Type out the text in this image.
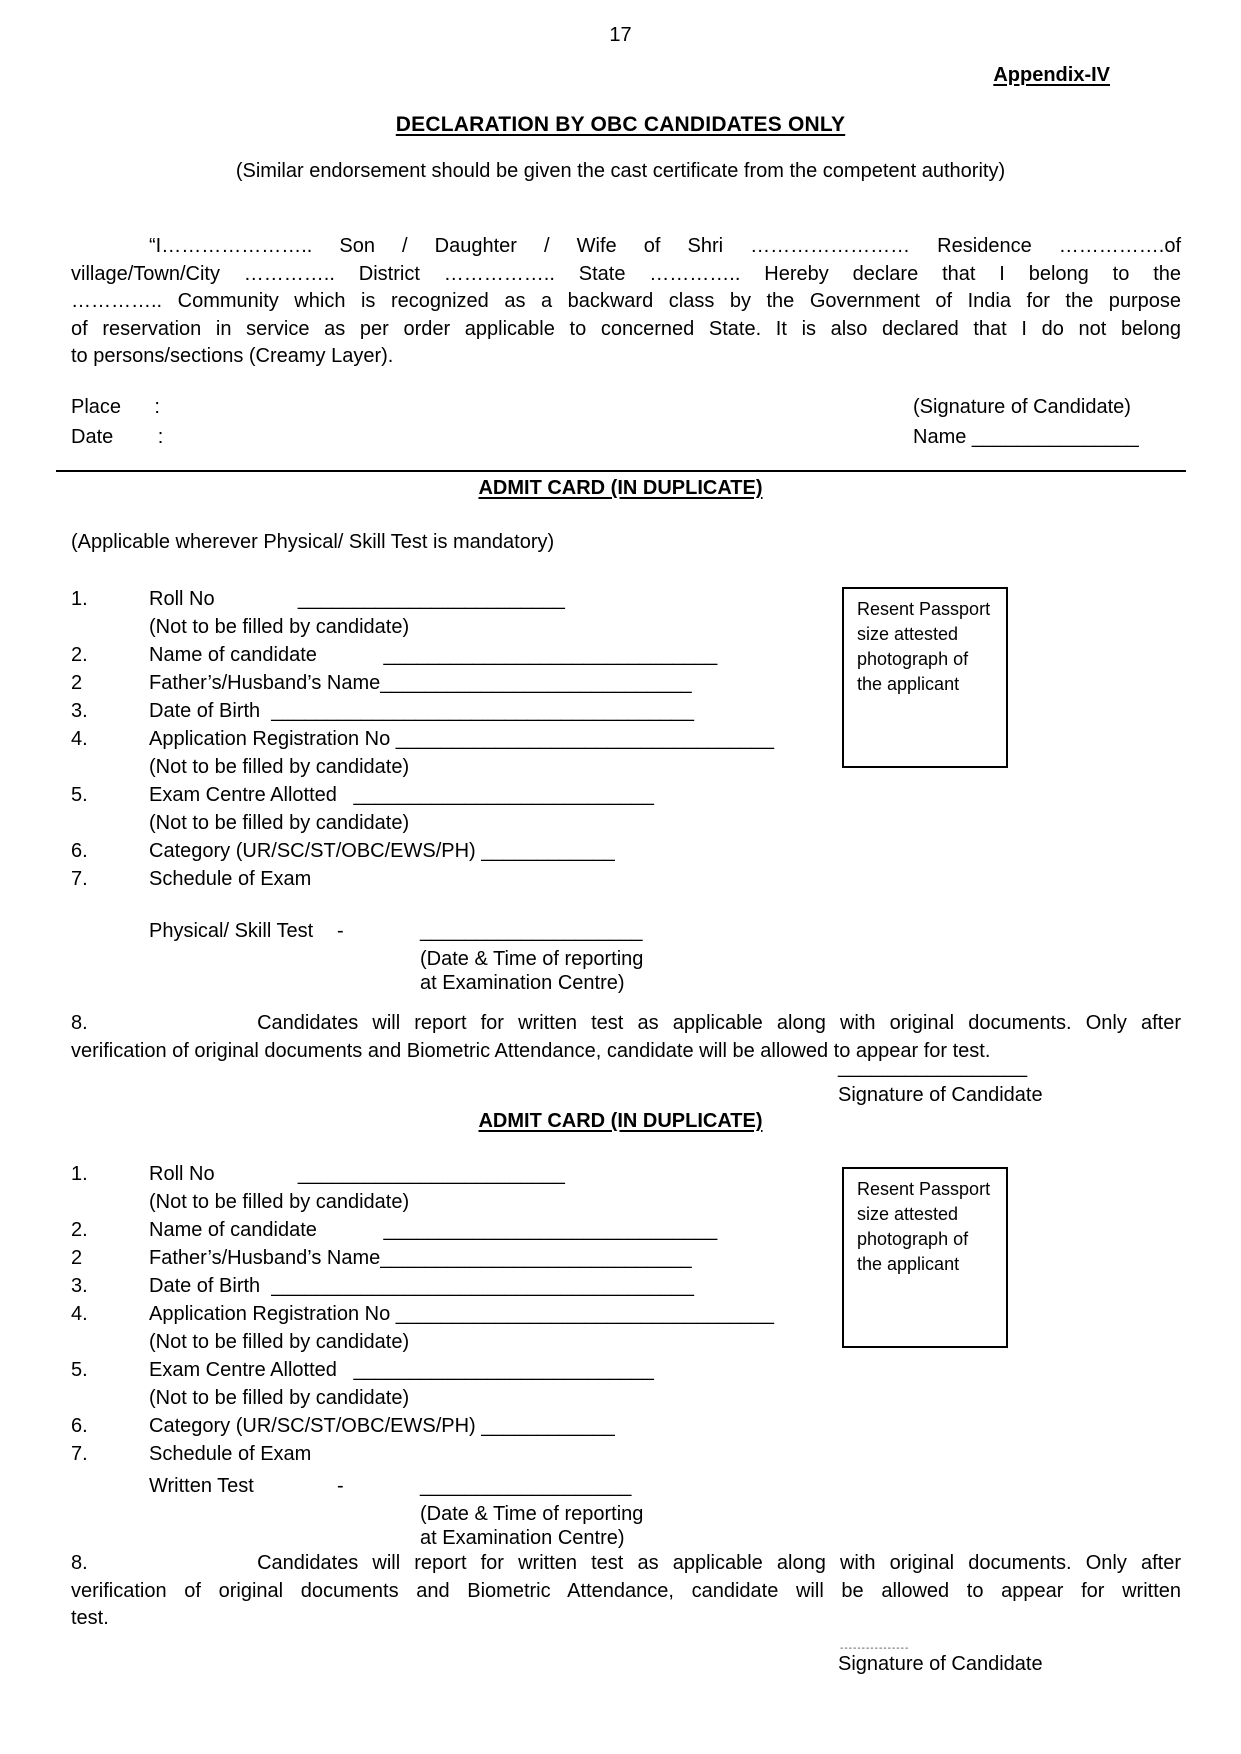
17
Appendix-IV
DECLARATION BY OBC CANDIDATES ONLY
(Similar endorsement should be given the cast certificate from the competent authority)
“I………………….. Son / Daughter / Wife of Shri …………………… Residence …………….of
village/Town/City ………….. District …………….. State ………….. Hereby declare that I belong to the
………….. Community which is recognized as a backward class by the Government of India for the purpose
of reservation in service as per order applicable to concerned State. It is also declared that I do not belong
to persons/sections (Creamy Layer).
Place      :
Date        :
(Signature of Candidate)
Name _______________
ADMIT CARD (IN DUPLICATE)
(Applicable wherever Physical/ Skill Test is mandatory)
1.	Roll No               ________________________
(Not to be filled by candidate)
2.	Name of candidate            ______________________________
2	Father’s/Husband’s Name____________________________
3.	Date of Birth  ______________________________________
4.	Application Registration No __________________________________
(Not to be filled by candidate)
5.	Exam Centre Allotted   ___________________________
(Not to be filled by candidate)
6.	Category (UR/SC/ST/OBC/EWS/PH) ____________
7.	Schedule of Exam
Resent Passport size attested photograph of the applicant
Physical/ Skill Test -	____________________
(Date & Time of reporting
at Examination Centre)
8.            Candidates will report for written test as applicable along with original documents. Only after
verification of original documents and Biometric Attendance, candidate will be allowed to appear for test.
_________________
Signature of Candidate
ADMIT CARD (IN DUPLICATE)
1.	Roll No               ________________________
(Not to be filled by candidate)
2.	Name of candidate            ______________________________
2	Father’s/Husband’s Name____________________________
3.	Date of Birth  ______________________________________
4.	Application Registration No __________________________________
(Not to be filled by candidate)
5.	Exam Centre Allotted   ___________________________
(Not to be filled by candidate)
6.	Category (UR/SC/ST/OBC/EWS/PH) ____________
7.	Schedule of Exam
Resent Passport size attested photograph of the applicant
Written Test	-	___________________
(Date & Time of reporting
at Examination Centre)
8.            Candidates will report for written test as applicable along with original documents. Only after
verification of original documents and Biometric Attendance, candidate will be allowed to appear for written
test.
----------------
Signature of Candidate
